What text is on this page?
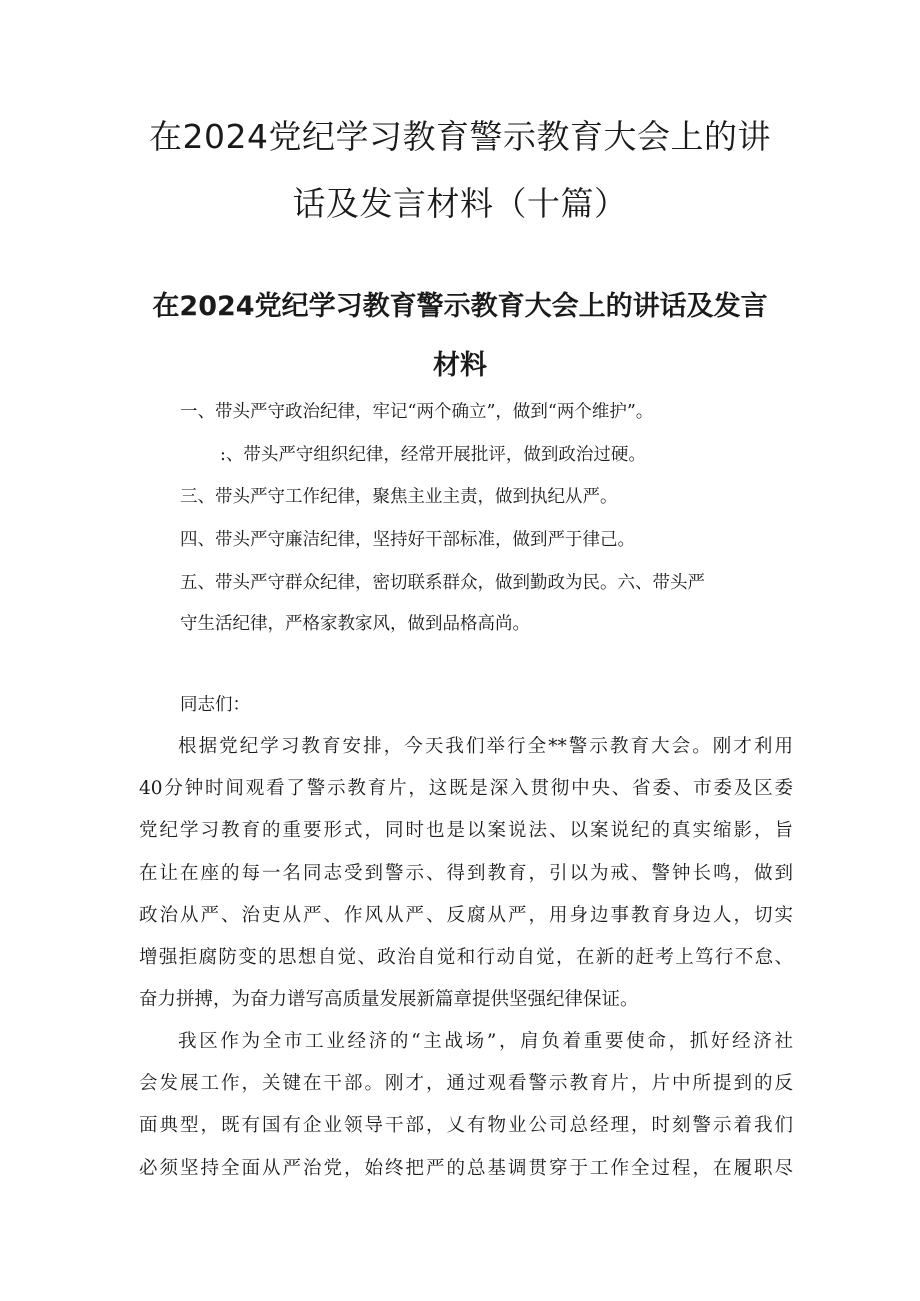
在2024党纪学习教育警示教育大会上的讲
话及发言材料（十篇）
在2024党纪学习教育警示教育大会上的讲话及发言
材料

一、带头严守政治纪律，牢记“两个确立”，做到“两个维护”。

:、带头严守组织纪律，经常开展批评，做到政治过硬。

三、带头严守工作纪律，聚焦主业主责，做到执纪从严。

四、带头严守廉洁纪律，坚持好干部标准，做到严于律己。

五、带头严守群众纪律，密切联系群众，做到勤政为民。六、带头严

守生活纪律，严格家教家风，做到品格高尚。

同志们：

根据党纪学习教育安排，今天我们举行全**警示教育大会。刚才利用

40分钟时间观看了警示教育片，这既是深入贯彻中央、省委、市委及区委

党纪学习教育的重要形式，同时也是以案说法、以案说纪的真实缩影，旨

在让在座的每一名同志受到警示、得到教育，引以为戒、警钟长鸣，做到

政治从严、治吏从严、作风从严、反腐从严，用身边事教育身边人，切实

增强拒腐防变的思想自觉、政治自觉和行动自觉，在新的赶考上笃行不怠、

奋力拼搏，为奋力谱写高质量发展新篇章提供坚强纪律保证。

我区作为全市工业经济的“主战场”，肩负着重要使命，抓好经济社

会发展工作，关键在干部。刚才，通过观看警示教育片，片中所提到的反

面典型，既有国有企业领导干部，乂有物业公司总经理，时刻警示着我们

必须坚持全面从严治党，始终把严的总基调贯穿于工作全过程，在履职尽
